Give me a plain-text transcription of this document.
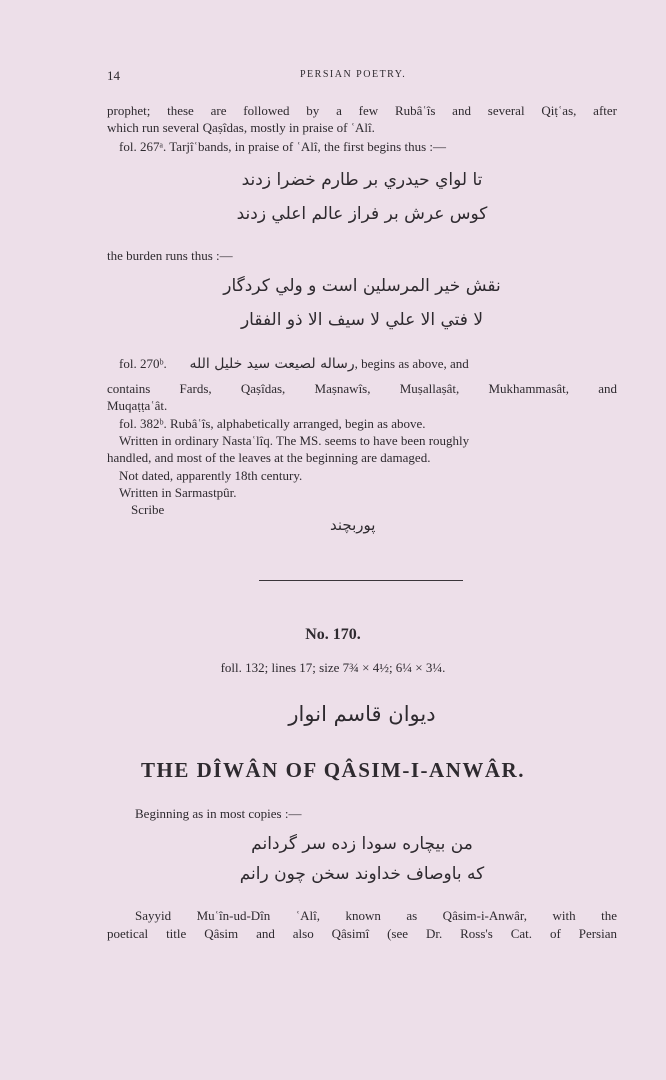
14	PERSIAN POETRY.
prophet; these are followed by a few Rubâʿîs and several Qiṭʿas, after
which run several Qaṣîdas, mostly in praise of ʿAlî.
fol. 267ᵃ. Tarjîʿbands, in praise of ʿAlî, the first begins thus :—
تا لواي حيدري بر طارم خضرا زدند
كوس عرش بر فراز عالم اعلي زدند
the burden runs thus :—
نقش خير المرسلين است و ولي كردگار
لا فتي الا علي لا سيف الا ذو الفقار
fol. 270ᵇ. رساله لصيعت سيد خليل الله, begins as above, and
contains Fards, Qaṣîdas, Maṣnawîs, Muṣallaṣât, Mukhammasât, and
Muqaṭṭaʿât.
fol. 382ᵇ. Rubâʿîs, alphabetically arranged, begin as above.
Written in ordinary Nastaʿlîq. The MS. seems to have been roughly
handled, and most of the leaves at the beginning are damaged.
Not dated, apparently 18th century.
Written in Sarmastpûr.
Scribe
پوربچند
No. 170.
foll. 132; lines 17; size 7¾ × 4½; 6¼ × 3¼.
ديوان قاسم انوار
THE DÎWÂN OF QÂSIM-I-ANWÂR.
Beginning as in most copies :—
من بيچاره سودا زده سر گردانم
كه باوصاف خداوند سخن چون رانم
Sayyid Muʿîn-ud-Dîn ʿAlî, known as Qâsim-i-Anwâr, with the
poetical title Qâsim and also Qâsimî (see Dr. Ross's Cat. of Persian
